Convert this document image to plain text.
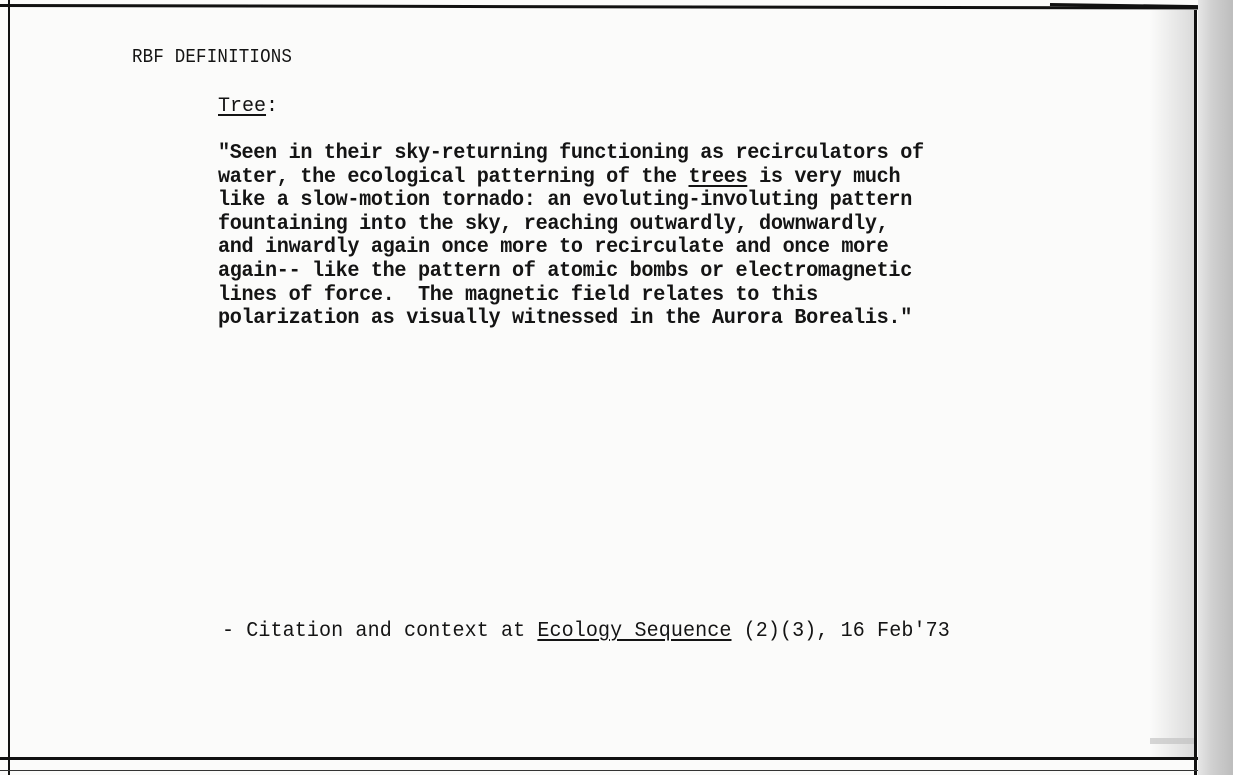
RBF DEFINITIONS
Tree:
"Seen in their sky-returning functioning as recirculators of
water, the ecological patterning of the trees is very much
like a slow-motion tornado: an evoluting-involuting pattern
fountaining into the sky, reaching outwardly, downwardly,
and inwardly again once more to recirculate and once more
again-- like the pattern of atomic bombs or electromagnetic
lines of force.  The magnetic field relates to this
polarization as visually witnessed in the Aurora Borealis."
- Citation and context at Ecology Sequence (2)(3), 16 Feb'73
